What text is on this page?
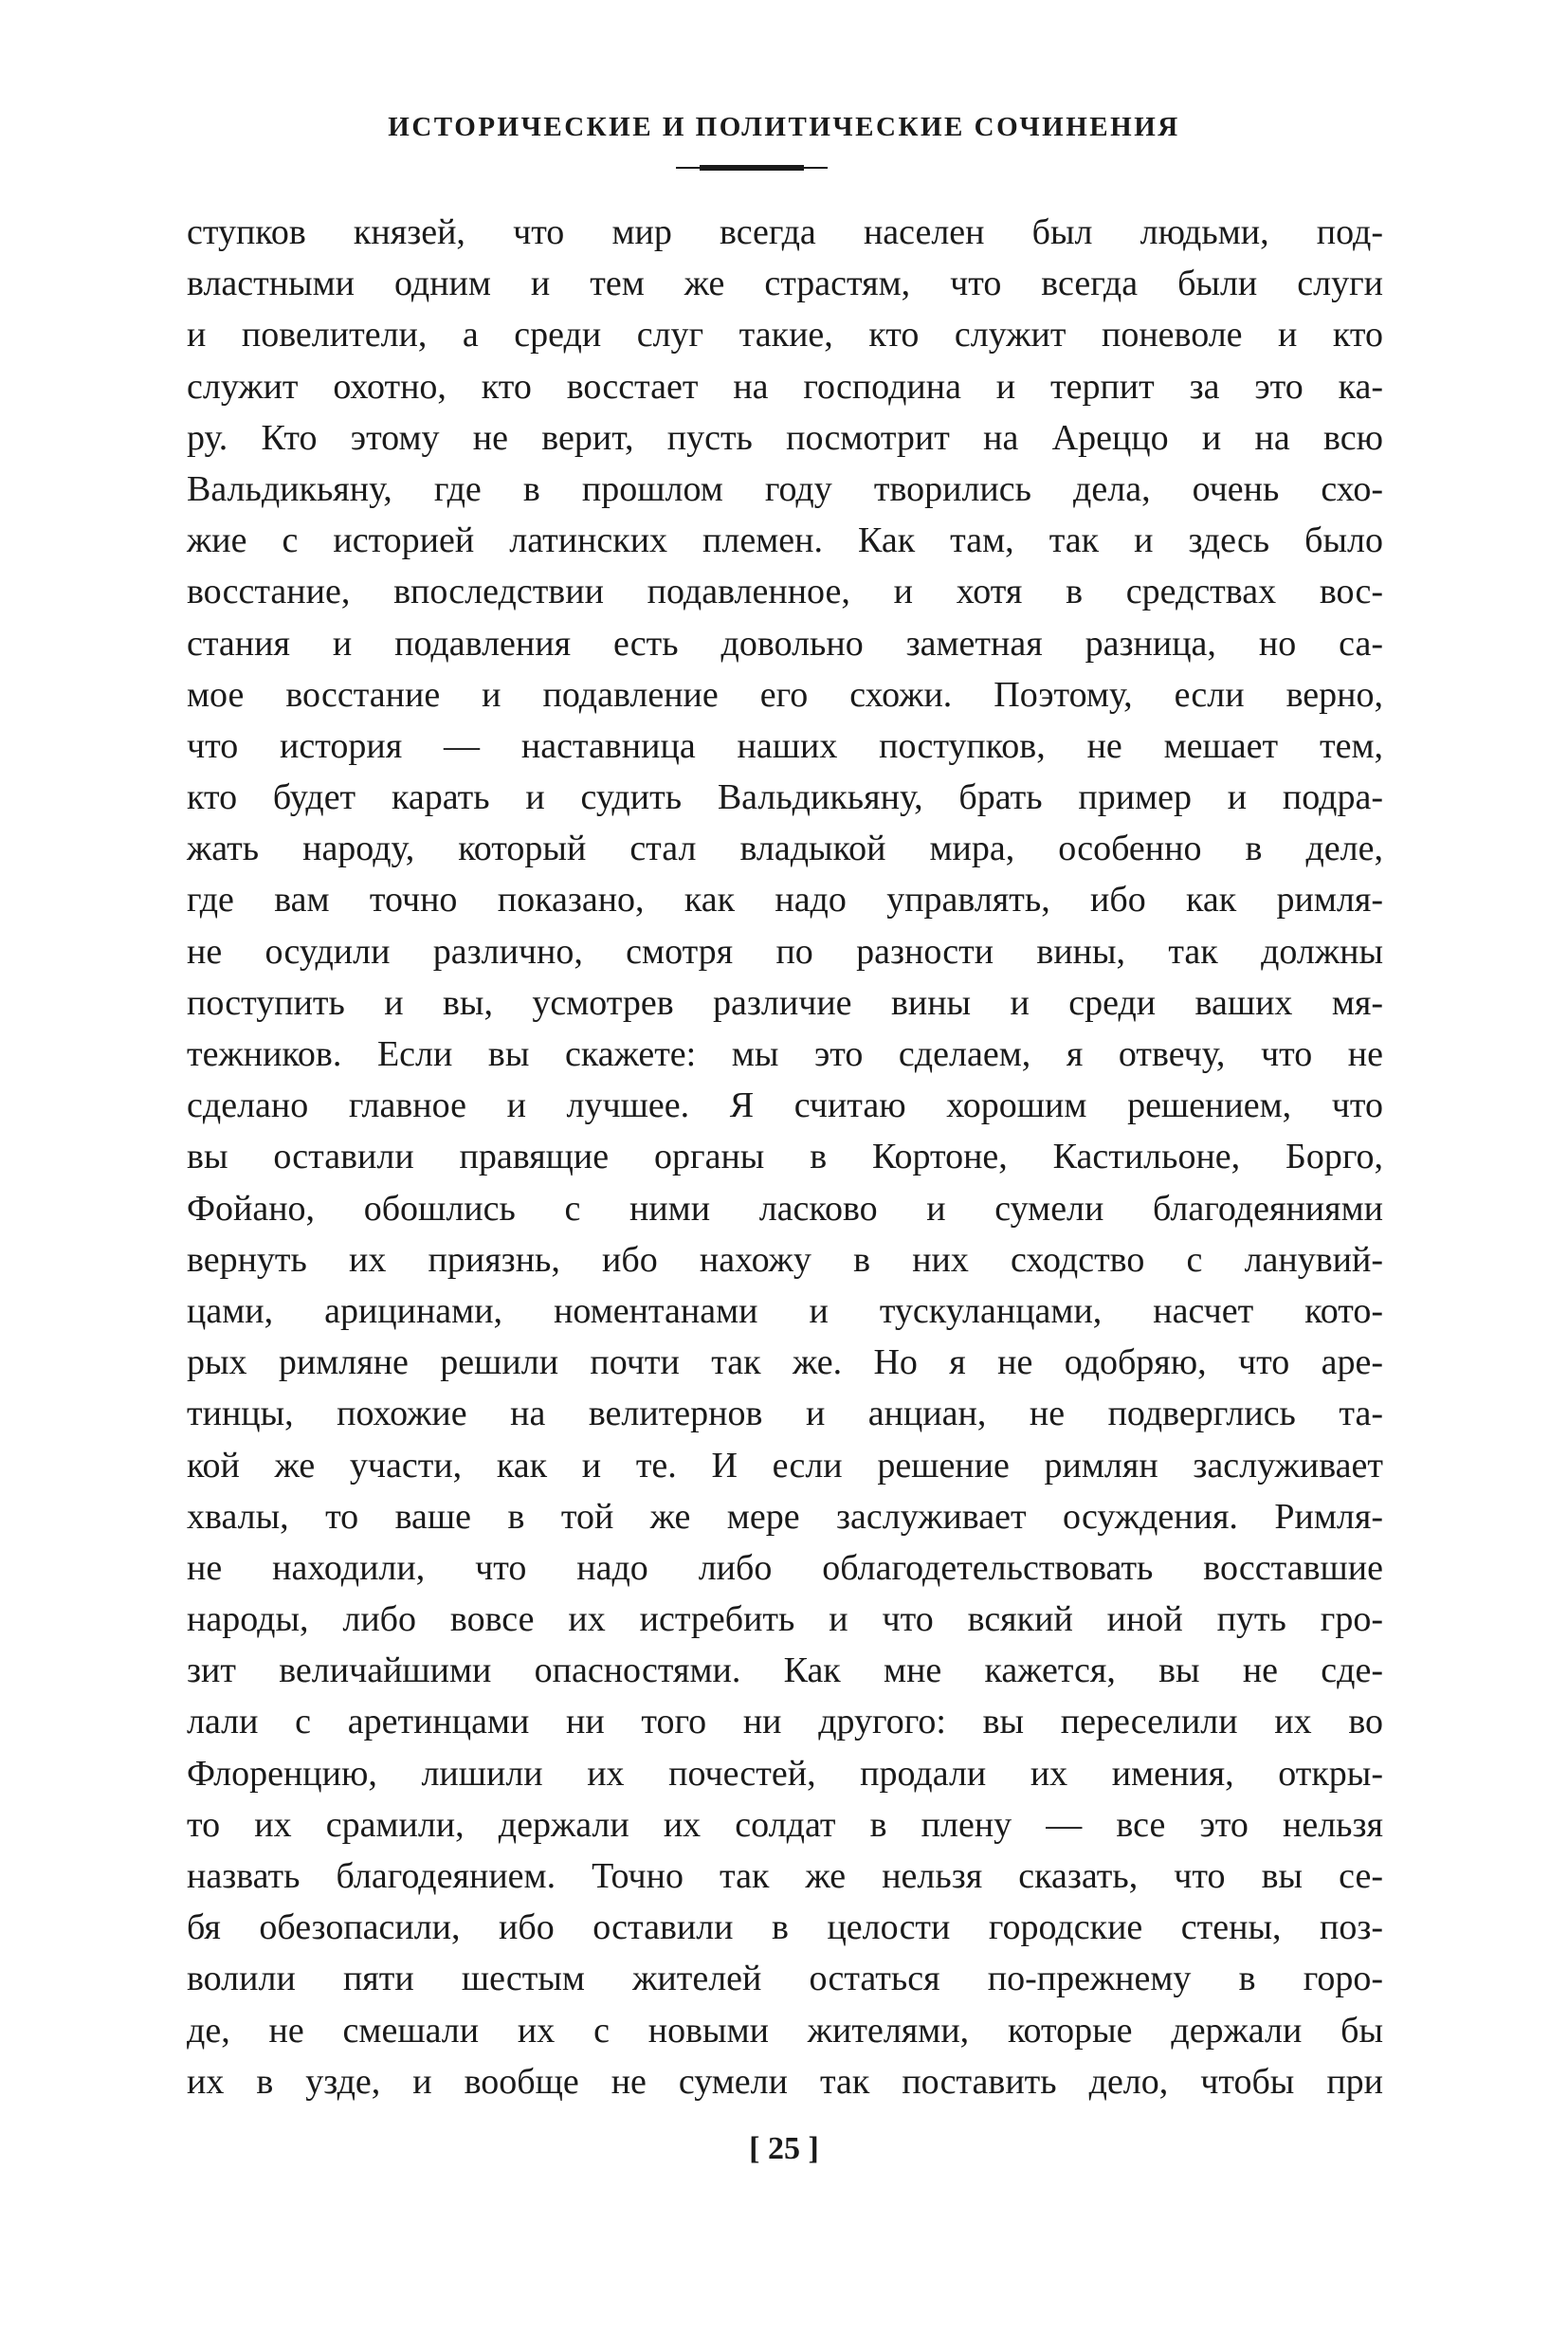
ИСТОРИЧЕСКИЕ И ПОЛИТИЧЕСКИЕ СОЧИНЕНИЯ
ступков князей, что мир всегда населен был людьми, под-
властными одним и тем же страстям, что всегда были слуги
и повелители, а среди слуг такие, кто служит поневоле и кто
служит охотно, кто восстает на господина и терпит за это ка-
ру. Кто этому не верит, пусть посмотрит на Ареццо и на всю
Вальдикьяну, где в прошлом году творились дела, очень схо-
жие с историей латинских племен. Как там, так и здесь было
восстание, впоследствии подавленное, и хотя в средствах вос-
стания и подавления есть довольно заметная разница, но са-
мое восстание и подавление его схожи. Поэтому, если верно,
что история — наставница наших поступков, не мешает тем,
кто будет карать и судить Вальдикьяну, брать пример и подра-
жать народу, который стал владыкой мира, особенно в деле,
где вам точно показано, как надо управлять, ибо как римля-
не осудили различно, смотря по разности вины, так должны
поступить и вы, усмотрев различие вины и среди ваших мя-
тежников. Если вы скажете: мы это сделаем, я отвечу, что не
сделано главное и лучшее. Я считаю хорошим решением, что
вы оставили правящие органы в Кортоне, Кастильоне, Борго,
Фойано, обошлись с ними ласково и сумели благодеяниями
вернуть их приязнь, ибо нахожу в них сходство с ланувий-
цами, арицинами, номентанами и тускуланцами, насчет кото-
рых римляне решили почти так же. Но я не одобряю, что аре-
тинцы, похожие на велитернов и анциан, не подверглись та-
кой же участи, как и те. И если решение римлян заслуживает
хвалы, то ваше в той же мере заслуживает осуждения. Римля-
не находили, что надо либо облагодетельствовать восставшие
народы, либо вовсе их истребить и что всякий иной путь гро-
зит величайшими опасностями. Как мне кажется, вы не сде-
лали с аретинцами ни того ни другого: вы переселили их во
Флоренцию, лишили их почестей, продали их имения, откры-
то их срамили, держали их солдат в плену — все это нельзя
назвать благодеянием. Точно так же нельзя сказать, что вы се-
бя обезопасили, ибо оставили в целости городские стены, поз-
волили пяти шестым жителей остаться по-прежнему в горо-
де, не смешали их с новыми жителями, которые держали бы
их в узде, и вообще не сумели так поставить дело, чтобы при
[ 25 ]
